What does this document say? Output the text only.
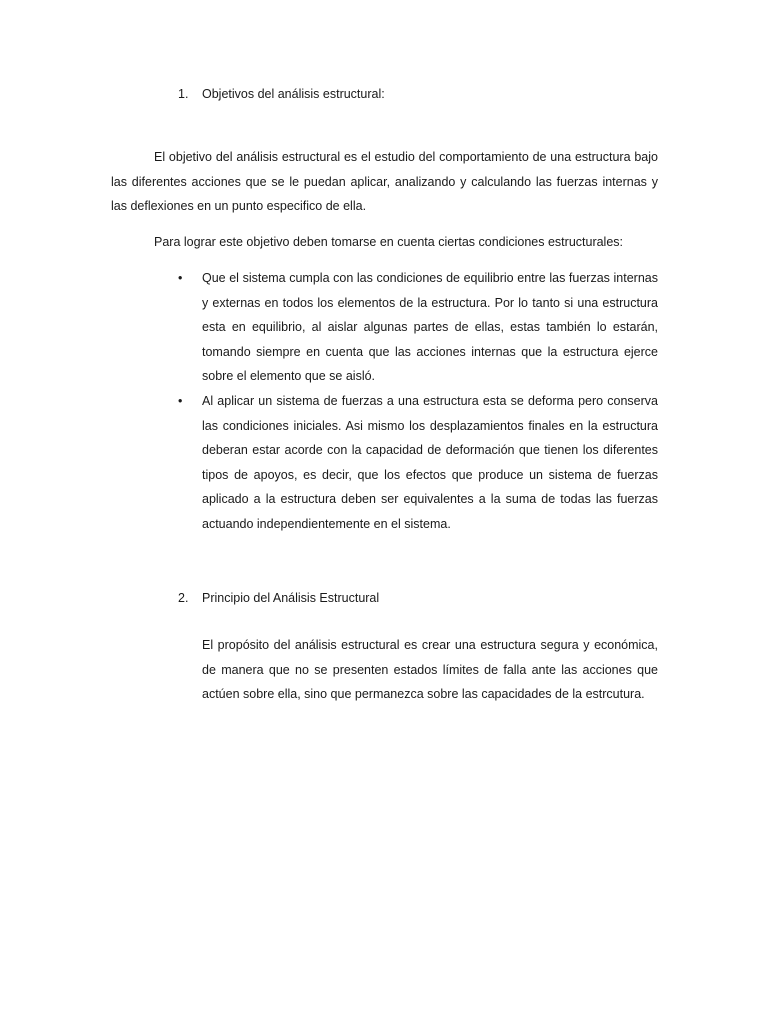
1. Objetivos del análisis estructural:

El objetivo del análisis estructural es el estudio del comportamiento de una estructura bajo las diferentes acciones que se le puedan aplicar, analizando y calculando las fuerzas internas y las deflexiones en un punto especifico de ella.

Para lograr este objetivo deben tomarse en cuenta ciertas condiciones estructurales:

• Que el sistema cumpla con las condiciones de equilibrio entre las fuerzas internas y externas en todos los elementos de la estructura. Por lo tanto si una estructura esta en equilibrio, al aislar algunas partes de ellas, estas también lo estarán, tomando siempre en cuenta que las acciones internas que la estructura ejerce sobre el elemento que se aisló.
• Al aplicar un sistema de fuerzas a una estructura esta se deforma pero conserva las condiciones iniciales. Asi mismo los desplazamientos finales en la estructura deberan estar acorde con la capacidad de deformación que tienen los diferentes tipos de apoyos, es decir, que los efectos que produce un sistema de fuerzas aplicado a la estructura deben ser equivalentes a la suma de todas las fuerzas actuando independientemente en el sistema.
2. Principio del Análisis Estructural

El propósito del análisis estructural es crear una estructura segura y económica, de manera que no se presenten estados límites de falla ante las acciones que actúen sobre ella, sino que permanezca sobre las capacidades de la estrcutura.
